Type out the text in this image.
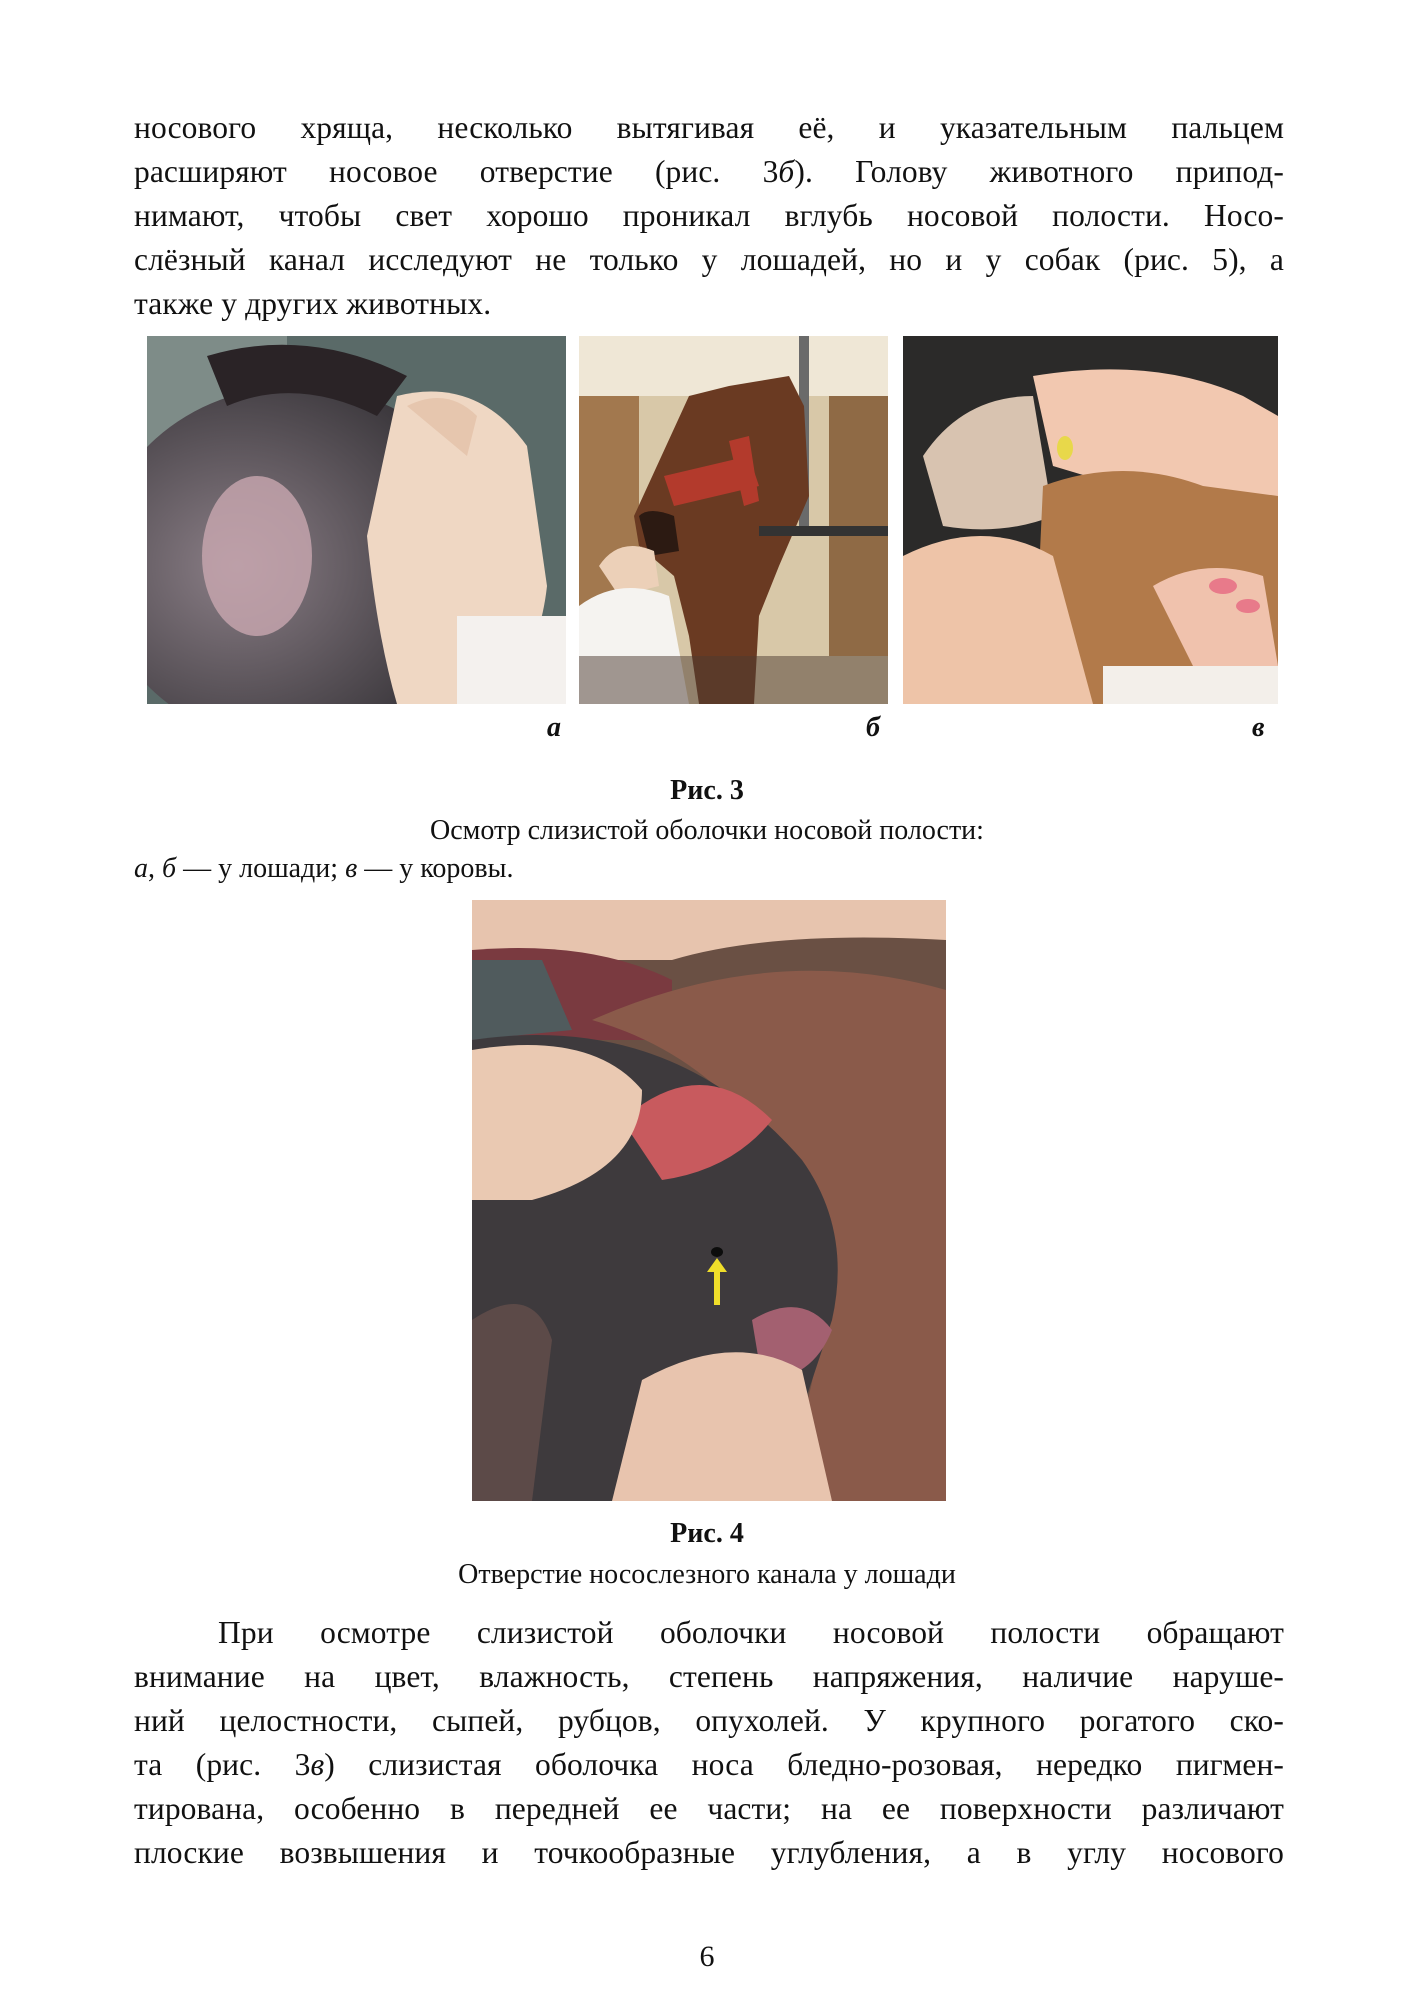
носового хряща, несколько вытягивая её, и указательным пальцем

расширяют носовое отверстие (рис. 3б). Голову животного припод-

нимают, чтобы свет хорошо проникал вглубь носовой полости. Носо-

слёзный канал исследуют не только у лошадей, но и у собак (рис. 5), а

также у других животных.

а	б	в
Рис. 3
Осмотр слизистой оболочки носовой полости:
а, б — у лошади; в — у коровы.
Рис. 4
Отверстие носослезного канала у лошади

При осмотре слизистой оболочки носовой полости обращают

внимание на цвет, влажность, степень напряжения, наличие наруше-

ний целостности, сыпей, рубцов, опухолей. У крупного рогатого ско-

та (рис. 3в) слизистая оболочка носа бледно-розовая, нередко пигмен-

тирована, особенно в передней ее части; на ее поверхности различают

плоские возвышения и точкообразные углубления, а в углу носового

6
